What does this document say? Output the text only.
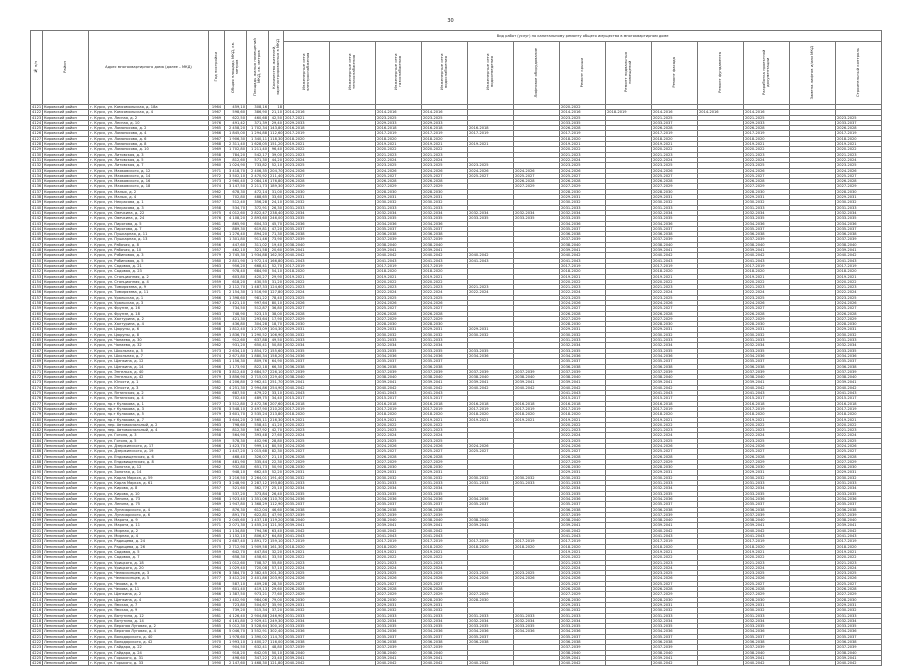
30
№ п/п	Район	Адрес многоквартирного дома (далее – МКД)	Год постройки	Общая площадь МКД, кв. метров	Площадь жилых помещений МКД, кв. метров	Количество жителей, зарегистрированных в МКД	Вид работ (услуг) по капитальному ремонту общего имущества в многоквартирном доме												
							Инженерные сети электроснабжения	Инженерные сети теплоснабжения	Инженерные сети газоснабжения	Инженерные сети водоснабжения	Инженерные сети водоотведения	Лифтовое оборудование	Ремонт крыши	Ремонт подвальных помещений	Ремонт фасада	Ремонт фундамента	Разработка проектной документации	Замена лифтов и/или МКД	Строительный контроль
4121	Кировский район	г. Курск, ул. Комсомольская, д. 18а	1964	459,10	308,16	18							2020-2022						
4122	Кировский район	г. Курск, ул. Комсомольская, д. 4	1967	598,60	386,90	21,10	2014-2016		2014-2016	2014-2016			2014-2016	2018-2019	2014-2016	2014-2016	2014-2016		
4123	Кировский район	г. Курск, ул. Лесная, д. 2	1969	622,50	460,68	42,50	2017-2021		2023-2025	2023-2025			2023-2025		2021-2025		2021-2025		2023-2025
4124	Кировский район	г. Курск, ул. Лесная, д. 10	1976	491,42	371,39	29,40	2029-2033		2029-2033	2029-2033			2033-2035		2033-2037		2029-2033		2033-2037
4125	Кировский район	г. Курск, ул. Ломоносова, д. 2	1965	2 458,20	1 702,34	143,80	2016-2018		2016-2018	2016-2018	2016-2018		2026-2028		2026-2028		2026-2028		2026-2028
4126	Кировский район	г. Курск, ул. Ломоносова, д. 4	1966	1 845,00	1 294,88	112,60	2017-2019		2017-2019	2017-2019	2017-2019		2017-2019		2017-2019		2017-2019		2017-2019
4127	Кировский район	г. Курск, ул. Ломоносова, д. 6	1967	1 906,30	1 340,11	118,30	2018-2020		2018-2020	2018-2020			2018-2020		2018-2020		2018-2020		2018-2020
4128	Кировский район	г. Курск, ул. Ломоносова, д. 8	1968	2 311,40	1 628,05	151,20	2019-2021		2019-2021	2019-2021	2019-2021		2019-2021		2019-2021		2019-2021		2019-2021
4129	Кировский район	г. Курск, ул. Ломоносова, д. 10	1969	1 702,80	1 211,40	96,40	2020-2022		2020-2022	2020-2022			2020-2022		2020-2022		2020-2022		2020-2022
4130	Кировский район	г. Курск, ул. Литовская, д. 3	1958	784,20	542,17	39,00	2021-2023		2021-2023	2021-2023			2021-2023		2021-2023		2021-2023		2021-2023
4131	Кировский район	г. Курск, ул. Литовская, д. 5	1959	812,60	571,30	44,20	2022-2024		2022-2024	2022-2024			2022-2024		2022-2024		2022-2024		2022-2024
4132	Кировский район	г. Курск, ул. Литовская, д. 7	1960	1 024,90	733,82	52,10	2023-2025		2023-2025	2023-2025	2023-2025		2023-2025		2023-2025		2023-2025		2023-2025
4133	Кировский район	г. Курск, ул. Маяковского, д. 12	1971	3 418,70	2 406,35	204,70	2024-2026		2024-2026	2024-2026	2024-2026	2024-2026	2024-2026		2024-2026		2024-2026		2024-2026
4134	Кировский район	г. Курск, ул. Маяковского, д. 14	1972	3 502,10	2 470,92	211,40	2025-2027		2025-2027	2025-2027	2025-2027	2025-2027	2025-2027		2025-2027		2025-2027		2025-2027
4135	Кировский район	г. Курск, ул. Маяковского, д. 16	1973	2 960,40	2 084,16	176,80	2026-2028		2026-2028	2026-2028		2026-2028	2026-2028		2026-2028		2026-2028		2026-2028
4136	Кировский район	г. Курск, ул. Маяковского, д. 18	1974	3 147,50	2 211,73	189,30	2027-2029		2027-2029	2027-2029		2027-2029	2027-2029		2027-2029		2027-2029		2027-2029
4137	Кировский район	г. Курск, ул. Малых, д. 2	1962	678,30	472,14	31,00	2028-2030		2028-2030	2028-2030			2028-2030		2028-2030		2028-2030		2028-2030
4138	Кировский район	г. Курск, ул. Малых, д. 4	1963	702,80	488,65	33,60	2029-2031		2029-2031	2029-2031			2029-2031		2029-2031		2029-2031		2029-2031
4139	Кировский район	г. Курск, ул. Некрасова, д. 1	1957	512,40	356,28	24,10	2030-2032		2030-2032	2030-2032			2030-2032		2030-2032		2030-2032		2030-2032
4140	Кировский район	г. Курск, ул. Некрасова, д. 3	1958	534,70	372,91	26,30	2031-2033		2031-2033	2031-2033			2031-2033		2031-2033		2031-2033		2031-2033
4141	Кировский район	г. Курск, ул. Овечкина, д. 22	1975	4 012,60	2 822,47	238,40	2032-2034		2032-2034	2032-2034	2032-2034	2032-2034	2032-2034		2032-2034		2032-2034		2032-2034
4142	Кировский район	г. Курск, ул. Овечкина, д. 24	1976	4 108,20	2 893,60	246,00	2033-2035		2033-2035	2033-2035	2033-2035	2033-2035	2033-2035		2033-2035		2033-2035		2033-2035
4143	Кировский район	г. Курск, ул. Пирогова, д. 5	1961	865,90	604,33	45,70	2034-2036		2034-2036	2034-2036			2034-2036		2034-2036		2034-2036		2034-2036
4144	Кировский район	г. Курск, ул. Пирогова, д. 7	1962	889,30	619,81	47,20	2035-2037		2035-2037	2035-2037			2035-2037		2035-2037		2035-2037		2035-2037
4145	Кировский район	г. Курск, ул. Пушкарная, д. 11	1964	1 276,40	894,20	71,30	2036-2038		2036-2038	2036-2038			2036-2038		2036-2038		2036-2038		2036-2038
4146	Кировский район	г. Курск, ул. Пушкарная, д. 13	1965	1 301,80	911,46	73,90	2037-2039		2037-2039	2037-2039			2037-2039		2037-2039		2037-2039		2037-2039
4147	Кировский район	г. Курск, ул. Рабочая, д. 8	1956	447,60	311,02	19,40	2038-2040		2038-2040	2038-2040			2038-2040		2038-2040		2038-2040		2038-2040
4148	Кировский район	г. Курск, ул. Рабочая, д. 10	1957	462,10	321,58	20,60	2039-2041		2039-2041	2039-2041			2039-2041		2039-2041		2039-2041		2039-2041
4149	Кировский район	г. Курск, ул. Рябиновая, д. 3	1979	2 745,30	1 934,88	162,50	2040-2042		2040-2042	2040-2042	2040-2042		2040-2042		2040-2042		2040-2042		2040-2042
4150	Кировский район	г. Курск, ул. Рябиновая, д. 5	1980	2 801,90	1 972,14	166,80	2041-2043		2041-2043	2041-2043	2041-2043		2041-2043		2041-2043		2041-2043		2041-2043
4151	Кировский район	г. Курск, ул. Садовая, д. 21	1963	956,20	668,41	52,70	2017-2019		2017-2019	2017-2019			2017-2019		2017-2019		2017-2019		2017-2019
4152	Кировский район	г. Курск, ул. Садовая, д. 23	1964	978,40	684,90	54,10	2018-2020		2018-2020	2018-2020			2018-2020		2018-2020		2018-2020		2018-2020
4153	Кировский район	г. Курск, ул. Станционная, д. 2	1958	603,80	420,27	29,90	2019-2021		2019-2021	2019-2021			2019-2021		2019-2021		2019-2021		2019-2021
4154	Кировский район	г. Курск, ул. Станционная, д. 4	1959	618,20	430,55	31,20	2020-2022		2020-2022	2020-2022			2020-2022		2020-2022		2020-2022		2020-2022
4155	Кировский район	г. Курск, ул. Тимирязева, д. 9	1970	2 112,70	1 487,33	124,60	2021-2023		2021-2023	2021-2023	2021-2023		2021-2023		2021-2023		2021-2023		2021-2023
4156	Кировский район	г. Курск, ул. Тимирязева, д. 11	1971	2 154,30	1 516,90	127,80	2022-2024		2022-2024	2022-2024	2022-2024		2022-2024		2022-2024		2022-2024		2022-2024
4157	Кировский район	г. Курск, ул. Уральская, д. 1	1966	1 398,60	981,22	78,40	2023-2025		2023-2025	2023-2025			2023-2025		2023-2025		2023-2025		2023-2025
4158	Кировский район	г. Курск, ул. Уральская, д. 3	1967	1 421,10	997,64	80,10	2024-2026		2024-2026	2024-2026			2024-2026		2024-2026		2024-2026		2024-2026
4159	Кировский район	г. Курск, ул. Фрунзе, д. 16	1962	734,50	512,87	36,80	2025-2027		2025-2027	2025-2027			2025-2027		2025-2027		2025-2027		2025-2027
4160	Кировский район	г. Курск, ул. Фрунзе, д. 18	1963	748,90	523,15	38,00	2026-2028		2026-2028	2026-2028			2026-2028		2026-2028		2026-2028		2026-2028
4161	Кировский район	г. Курск, ул. Халтурина, д. 2	1955	421,30	293,64	17,90	2027-2029		2027-2029	2027-2029			2027-2029		2027-2029		2027-2029		2027-2029
4162	Кировский район	г. Курск, ул. Халтурина, д. 4	1956	436,80	304,28	18,70	2028-2030		2028-2030	2028-2030			2028-2030		2028-2030		2028-2030		2028-2030
4163	Кировский район	г. Курск, ул. Цюрупы, д. 6	1968	1 812,40	1 273,09	104,30	2029-2031		2029-2031	2029-2031	2029-2031		2029-2031		2029-2031		2029-2031		2029-2031
4164	Кировский район	г. Курск, ул. Цюрупы, д. 8	1969	1 836,70	1 290,52	106,90	2030-2032		2030-2032	2030-2032	2030-2032		2030-2032		2030-2032		2030-2032		2030-2032
4165	Кировский район	г. Курск, ул. Чапаева, д. 30	1961	912,60	637,88	49,50	2031-2033		2031-2033	2031-2033			2031-2033		2031-2033		2031-2033		2031-2033
4166	Кировский район	г. Курск, ул. Чапаева, д. 32	1962	931,20	650,41	50,80	2032-2034		2032-2034	2032-2034			2032-2034		2032-2034		2032-2034		2032-2034
4167	Кировский район	г. Курск, ул. Школьная, д. 5	1973	2 634,10	1 854,72	155,60	2033-2035		2033-2035	2033-2035	2033-2035		2033-2035		2033-2035		2033-2035		2033-2035
4168	Кировский район	г. Курск, ул. Школьная, д. 7	1974	2 671,80	1 880,34	158,20	2034-2036		2034-2036	2034-2036	2034-2036		2034-2036		2034-2036		2034-2036		2034-2036
4169	Кировский район	г. Курск, ул. Щепкина, д. 12	1965	1 156,30	809,76	64,90	2035-2037		2035-2037	2035-2037			2035-2037		2035-2037		2035-2037		2035-2037
4170	Кировский район	г. Курск, ул. Щепкина, д. 14	1966	1 173,90	822,18	66,30	2036-2038		2036-2038	2036-2038			2036-2038		2036-2038		2036-2038		2036-2038
4171	Кировский район	г. Курск, ул. Энгельса, д. 40	1978	3 812,40	2 684,57	226,10	2037-2039		2037-2039	2037-2039	2037-2039	2037-2039	2037-2039		2037-2039		2037-2039		2037-2039
4172	Кировский район	г. Курск, ул. Энгельса, д. 42	1979	3 856,90	2 715,03	229,40	2038-2040		2038-2040	2038-2040	2038-2040	2038-2040	2038-2040		2038-2040		2038-2040		2038-2040
4173	Кировский район	г. Курск, ул. Юности, д. 1	1981	4 206,80	2 962,41	251,70	2039-2041		2039-2041	2039-2041	2039-2041	2039-2041	2039-2041		2039-2041		2039-2041		2039-2041
4174	Кировский район	г. Курск, ул. Юности, д. 3	1982	4 251,30	2 994,86	254,90	2040-2042		2040-2042	2040-2042	2040-2042	2040-2042	2040-2042		2040-2042		2040-2042		2040-2042
4175	Кировский район	г. Курск, ул. Ялтинская, д. 2	1960	687,50	479,22	33,10	2041-2043		2041-2043	2041-2043			2041-2043		2041-2043		2041-2043		2041-2043
4176	Кировский район	г. Курск, ул. Ялтинская, д. 4	1961	702,40	489,75	34,40	2015-2017		2015-2017	2015-2017			2015-2017		2015-2017		2015-2017		2015-2017
4177	Кировский район	г. Курск, пр-т Кулакова, д. 1	1977	3 512,80	2 472,36	207,60	2016-2018		2016-2018	2016-2018	2016-2018	2016-2018	2016-2018		2016-2018		2016-2018		2016-2018
4178	Кировский район	г. Курск, пр-т Кулакова, д. 3	1978	3 548,10	2 497,90	210,20	2017-2019		2017-2019	2017-2019	2017-2019	2017-2019	2017-2019		2017-2019		2017-2019		2017-2019
4179	Кировский район	г. Курск, пр-т Кулакова, д. 5	1979	3 601,70	2 535,24	213,80	2018-2020		2018-2020	2018-2020	2018-2020	2018-2020	2018-2020		2018-2020		2018-2020		2018-2020
4180	Кировский район	г. Курск, пр-т Кулакова, д. 7	1980	3 644,20	2 565,11	216,30	2019-2021		2019-2021	2019-2021	2019-2021	2019-2021	2019-2021		2019-2021		2019-2021		2019-2021
4181	Кировский район	г. Курск, пер. Автовокзальный, д. 2	1963	798,60	558,41	41,20	2020-2022		2020-2022	2020-2022			2020-2022		2020-2022		2020-2022		2020-2022
4182	Кировский район	г. Курск, пер. Автовокзальный, д. 4	1964	812,30	567,92	42,70	2021-2023		2021-2023	2021-2023			2021-2023		2021-2023		2021-2023		2021-2023
4183	Ленинский район	г. Курск, ул. Гоголя, д. 3	1958	564,90	393,48	27,60	2022-2024		2022-2024	2022-2024			2022-2024		2022-2024		2022-2024		2022-2024
4184	Ленинский район	г. Курск, ул. Гоголя, д. 5	1959	578,30	402,96	28,80	2023-2025		2023-2025	2023-2025			2023-2025		2023-2025		2023-2025		2023-2025
4185	Ленинский район	г. Курск, ул. Дзержинского, д. 17	1966	1 423,70	999,14	80,50	2024-2026		2024-2026	2024-2026	2024-2026		2024-2026		2024-2026		2024-2026		2024-2026
4186	Ленинский район	г. Курск, ул. Дзержинского, д. 19	1967	1 447,20	1 015,68	82,30	2025-2027		2025-2027	2025-2027	2025-2027		2025-2027		2025-2027		2025-2027		2025-2027
4187	Ленинский район	г. Курск, ул. Ендовищенская, д. 6	1955	468,40	326,07	21,10	2026-2028		2026-2028	2026-2028			2026-2028		2026-2028		2026-2028		2026-2028
4188	Ленинский район	г. Курск, ул. Ендовищенская, д. 8	1956	481,90	335,44	22,30	2027-2029		2027-2029	2027-2029			2027-2029		2027-2029		2027-2029		2027-2029
4189	Ленинский район	г. Курск, ул. Золотая, д. 12	1962	932,80	651,73	50,90	2028-2030		2028-2030	2028-2030			2028-2030		2028-2030		2028-2030		2028-2030
4190	Ленинский район	г. Курск, ул. Золотая, д. 14	1963	948,10	662,45	52,20	2029-2031		2029-2031	2029-2031			2029-2031		2029-2031		2029-2031		2029-2031
4191	Ленинский район	г. Курск, ул. Карла Маркса, д. 59	1972	3 216,50	2 264,01	191,40	2030-2032		2030-2032	2030-2032	2030-2032	2030-2032	2030-2032		2030-2032		2030-2032		2030-2032
4192	Ленинский район	г. Курск, ул. Карла Маркса, д. 61	1973	3 248,90	2 287,12	193,80	2031-2033		2031-2033	2031-2033	2031-2033	2031-2033	2031-2033		2031-2033		2031-2033		2031-2033
4193	Ленинский район	г. Курск, ул. Кирова, д. 8	1957	521,60	362,77	25,10	2032-2034		2032-2034	2032-2034			2032-2034		2032-2034		2032-2034		2032-2034
4194	Ленинский район	г. Курск, ул. Кирова, д. 10	1958	537,20	373,84	26,40	2033-2035		2033-2035	2033-2035			2033-2035		2033-2035		2033-2035		2033-2035
4195	Ленинский район	г. Курск, ул. Ленина, д. 73	1968	1 923,40	1 351,06	110,70	2034-2036		2034-2036	2034-2036	2034-2036		2034-2036		2034-2036		2034-2036		2034-2036
4196	Ленинский район	г. Курск, ул. Ленина, д. 75	1969	1 947,80	1 368,29	112,90	2035-2037		2035-2037	2035-2037	2035-2037		2035-2037		2035-2037		2035-2037		2035-2037
4197	Ленинский район	г. Курск, ул. Луначарского, д. 4	1961	876,30	612,04	46,60	2036-2038		2036-2038	2036-2038			2036-2038		2036-2038		2036-2038		2036-2038
4198	Ленинский район	г. Курск, ул. Луначарского, д. 6	1962	891,70	622,81	47,90	2037-2039		2037-2039	2037-2039			2037-2039		2037-2039		2037-2039		2037-2039
4199	Ленинский район	г. Курск, ул. Марата, д. 9	1970	2 045,60	1 437,18	119,20	2038-2040		2038-2040	2038-2040	2038-2040		2038-2040		2038-2040		2038-2040		2038-2040
4200	Ленинский район	г. Курск, ул. Марата, д. 11	1971	2 071,30	1 455,24	121,50	2039-2041		2039-2041	2039-2041	2039-2041		2039-2041		2039-2041		2039-2041		2039-2041
4201	Ленинский район	г. Курск, ул. Мирная, д. 2	1964	1 134,80	794,36	63,40	2040-2042		2040-2042	2040-2042			2040-2042		2040-2042		2040-2042		2040-2042
4202	Ленинский район	г. Курск, ул. Мирная, д. 4	1965	1 152,10	806,47	64,80	2041-2043		2041-2043	2041-2043			2041-2043		2041-2043		2041-2043		2041-2043
4203	Ленинский район	г. Курск, ул. Радищева, д. 24	1974	2 687,40	1 891,72	159,10	2017-2019		2017-2019	2017-2019	2017-2019	2017-2019	2017-2019		2017-2019		2017-2019		2017-2019
4204	Ленинский район	г. Курск, ул. Радищева, д. 26	1975	2 712,90	1 909,58	161,30	2018-2020		2018-2020	2018-2020	2018-2020	2018-2020	2018-2020		2018-2020		2018-2020		2018-2020
4205	Ленинский район	г. Курск, ул. Садовая, д. 5	1959	642,70	447,84	32,20	2019-2021		2019-2021	2019-2021			2019-2021		2019-2021		2019-2021		2019-2021
4206	Ленинский район	г. Курск, ул. Садовая, д. 7	1960	658,30	458,61	33,50	2020-2022		2020-2022	2020-2022			2020-2022		2020-2022		2020-2022		2020-2022
4207	Ленинский район	г. Курск, ул. Урицкого, д. 18	1963	1 012,60	708,37	55,80	2021-2023		2021-2023	2021-2023			2021-2023		2021-2023		2021-2023		2021-2023
4208	Ленинский район	г. Курск, ул. Урицкого, д. 20	1964	1 029,40	720,08	57,10	2022-2024		2022-2024	2022-2024			2022-2024		2022-2024		2022-2024		2022-2024
4209	Ленинский район	г. Курск, ул. Челюскинцев, д. 3	1976	3 384,70	2 382,45	201,30	2023-2025		2023-2025	2023-2025	2023-2025	2023-2025	2023-2025		2023-2025		2023-2025		2023-2025
4210	Ленинский район	г. Курск, ул. Челюскинцев, д. 5	1977	3 412,20	2 401,86	203,90	2024-2026		2024-2026	2024-2026	2024-2026	2024-2026	2024-2026		2024-2026		2024-2026		2024-2026
4211	Ленинский район	г. Курск, ул. Чехова, д. 9	1958	587,10	409,28	28,30	2025-2027		2025-2027	2025-2027			2025-2027		2025-2027		2025-2027		2025-2027
4212	Ленинский район	г. Курск, ул. Чехова, д. 11	1959	601,40	419,13	29,60	2026-2028		2026-2028	2026-2028			2026-2028		2026-2028		2026-2028		2026-2028
4213	Ленинский район	г. Курск, ул. Щепкина, д. 2	1966	1 387,50	973,21	77,60	2027-2029		2027-2029	2027-2029	2027-2029		2027-2029		2027-2029		2027-2029		2027-2029
4214	Ленинский район	г. Курск, ул. Щепкина, д. 4	1967	1 402,90	984,06	79,00	2028-2030		2028-2030	2028-2030	2028-2030		2028-2030		2028-2030		2028-2030		2028-2030
4215	Ленинский район	г. Курск, ул. Ямская, д. 7	1960	723,80	504,67	35,90	2029-2031		2029-2031	2029-2031			2029-2031		2029-2031		2029-2031		2029-2031
4216	Ленинский район	г. Курск, ул. Ямская, д. 9	1961	739,20	515,34	37,20	2030-2032		2030-2032	2030-2032			2030-2032		2030-2032		2030-2032		2030-2032
4217	Ленинский район	г. Курск, ул. Ватутина, д. 12	1981	4 126,40	2 904,88	246,90	2031-2033		2031-2033	2031-2033	2031-2033	2031-2033	2031-2033		2031-2033		2031-2033		2031-2033
4218	Ленинский район	г. Курск, ул. Ватутина, д. 14	1982	4 161,80	2 929,41	249,30	2032-2034		2032-2034	2032-2034	2032-2034	2032-2034	2032-2034		2032-2034		2032-2034		2032-2034
4219	Ленинский район	г. Курск, ул. Верхняя Луговая, д. 2	1985	5 012,30	3 528,64	300,10	2033-2035		2033-2035	2033-2035	2033-2035	2033-2035	2033-2035		2033-2035		2033-2035		2033-2035
4220	Ленинский район	г. Курск, ул. Верхняя Луговая, д. 4	1986	5 046,70	3 552,91	302,40	2034-2036		2034-2036	2034-2036	2034-2036	2034-2036	2034-2036		2034-2036		2034-2036		2034-2036
4221	Ленинский район	г. Курск, ул. Володарского, д. 40	1969	1 978,60	1 390,02	114,70	2035-2037		2035-2037	2035-2037	2035-2037		2035-2037		2035-2037		2035-2037		2035-2037
4222	Ленинский район	г. Курск, ул. Володарского, д. 42	1970	1 993,10	1 400,27	116,00	2036-2038		2036-2038	2036-2038	2036-2038		2036-2038		2036-2038		2036-2038		2036-2038
4223	Ленинский район	г. Курск, ул. Гайдара, д. 22	1962	904,50	632,41	48,80	2037-2039		2037-2039	2037-2039			2037-2039		2037-2039		2037-2039		2037-2039
4224	Ленинский район	г. Курск, ул. Гайдара, д. 24	1963	918,20	642,05	50,10	2038-2040		2038-2040	2038-2040			2038-2040		2038-2040		2038-2040		2038-2040
4225	Ленинский район	г. Курск, ул. Горького, д. 31	1957	498,60	347,22	23,40	2039-2041		2039-2041	2039-2041			2039-2041		2039-2041		2039-2041		2039-2041
4226	Ленинский район	г. Курск, ул. Горького, д. 33	1990	2 147,60	1 468,30	121,80	2040-2042		2040-2042	2040-2042	2040-2042		2040-2042		2040-2042		2040-2042		2040-2042
